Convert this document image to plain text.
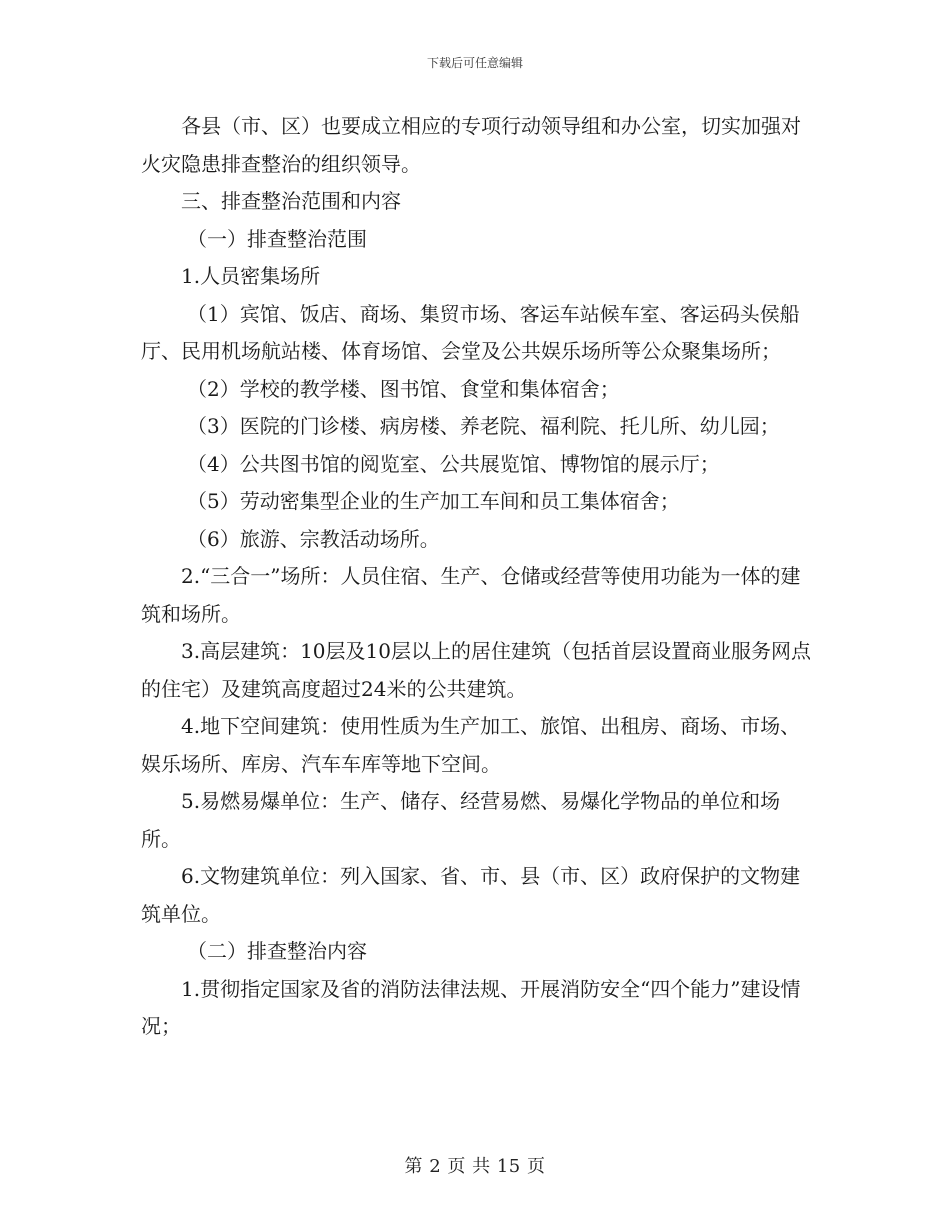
下载后可任意编辑

各县（市、区）也要成立相应的专项行动领导组和办公室，切实加强对火灾隐患排查整治的组织领导。

三、排查整治范围和内容

（一）排查整治范围

1.人员密集场所

（1）宾馆、饭店、商场、集贸市场、客运车站候车室、客运码头侯船厅、民用机场航站楼、体育场馆、会堂及公共娱乐场所等公众聚集场所；

（2）学校的教学楼、图书馆、食堂和集体宿舍；

（3）医院的门诊楼、病房楼、养老院、福利院、托儿所、幼儿园；

（4）公共图书馆的阅览室、公共展览馆、博物馆的展示厅；

（5）劳动密集型企业的生产加工车间和员工集体宿舍；

（6）旅游、宗教活动场所。

2.“三合一”场所：人员住宿、生产、仓储或经营等使用功能为一体的建筑和场所。

3.高层建筑：10层及10层以上的居住建筑（包括首层设置商业服务网点的住宅）及建筑高度超过24米的公共建筑。

4.地下空间建筑：使用性质为生产加工、旅馆、出租房、商场、市场、娱乐场所、库房、汽车车库等地下空间。

5.易燃易爆单位：生产、储存、经营易燃、易爆化学物品的单位和场所。

6.文物建筑单位：列入国家、省、市、县（市、区）政府保护的文物建筑单位。

（二）排查整治内容

1.贯彻指定国家及省的消防法律法规、开展消防安全“四个能力”建设情况；

第 2 页 共 15 页
